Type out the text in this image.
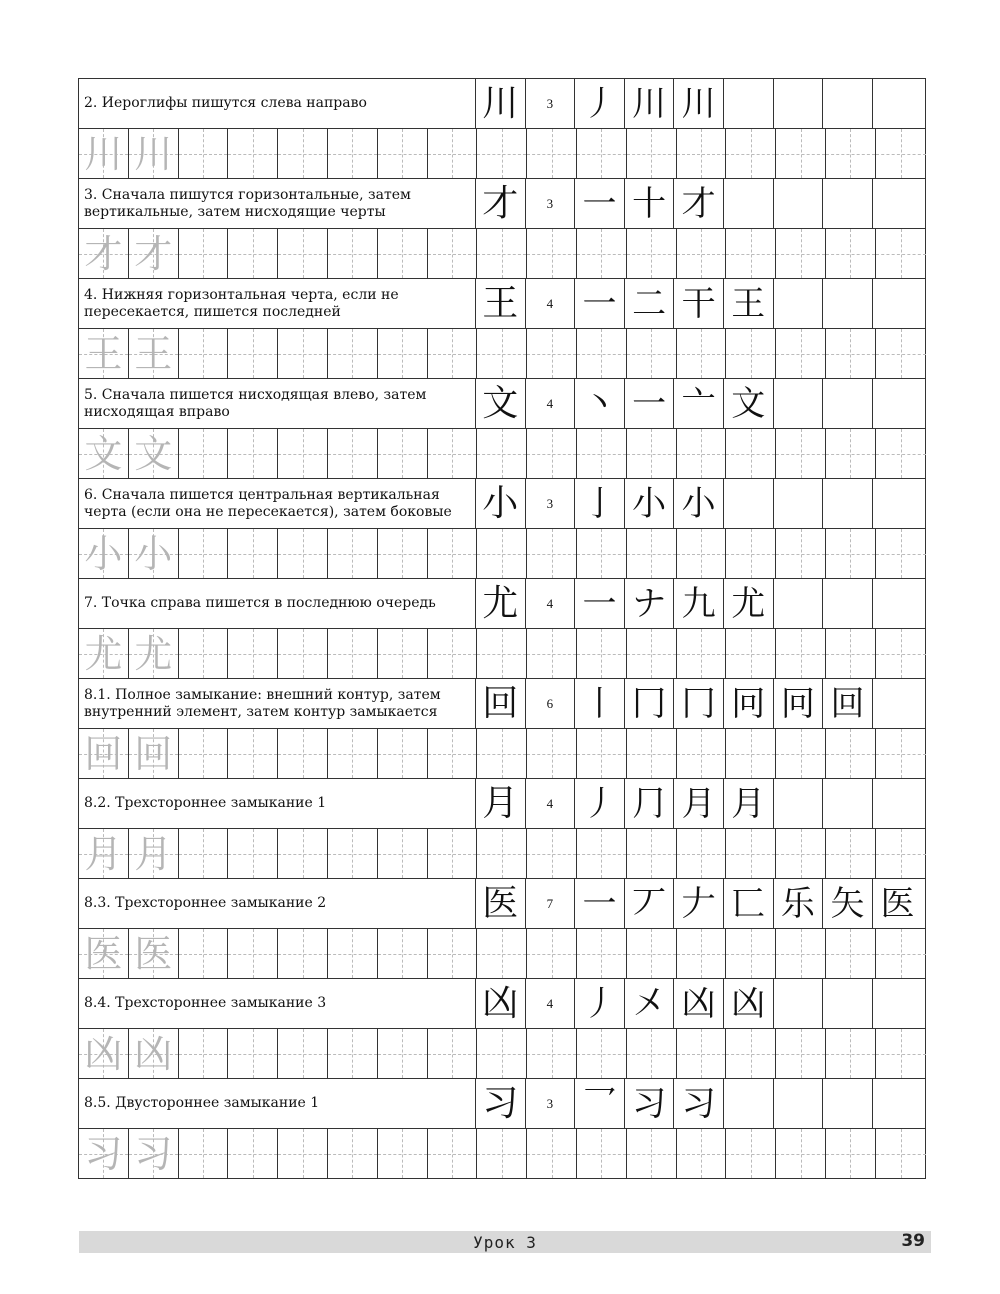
2. Иероглифы пишутся слева направо	川	3 丿 川 川
川 川
3. Сначала пишутся горизонтальные, затем вертикальные, затем нисходящие черты	才	3 一 十 才
才 才
4. Нижняя горизонтальная черта, если не пересекается, пишется последней	王	4 一 二 干 王
王 王
5. Сначала пишется нисходящая влево, затем нисходящая вправо	文	4 丶 一 亠 文
文 文
6. Сначала пишется центральная вертикальная черта (если она не пересекается), затем боковые 小	3 亅 小 小
小 小
7. Точка справа пишется в последнюю очередь	尤	4 一 ナ 九 尤
尤 尤
8.1. Полное замыкание: внешний контур, затем внутренний элемент, затем контур замыкается	回	6 丨 冂 冂 冋 冋 回
回 回
8.2. Трехстороннее замыкание 1	月	4 丿 ⺆ 月 月
月 月
8.3. Трехстороннее замыкание 2	医	7 一 丆 𠂇 匸 乐 矢 医
医 医
8.4. Трехстороннее замыкание 3	凶	4 丿 㐅 凶 凶
凶 凶
8.5. Двустороннее замыкание 1	习	3 乛 习 习
习 习
Урок 3	39
